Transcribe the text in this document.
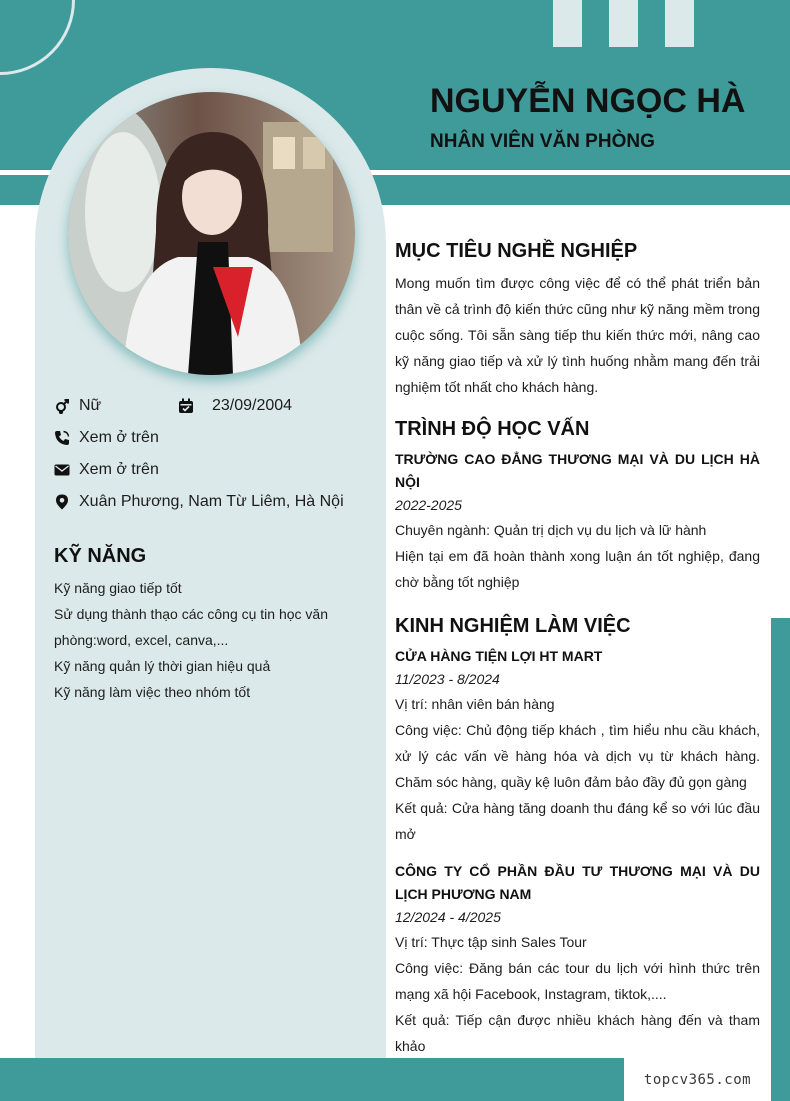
topcv365.com
Nữ	23/09/2004
Xem ở trên
Xem ở trên
Xuân Phương, Nam Từ Liêm, Hà Nội
KỸ NĂNG
Kỹ năng giao tiếp tốt
Sử dụng thành thạo các công cụ tin học văn phòng:word, excel, canva,...
Kỹ năng quản lý thời gian hiệu quả
Kỹ năng làm việc theo nhóm tốt
NGUYỄN NGỌC HÀ
NHÂN VIÊN VĂN PHÒNG
MỤC TIÊU NGHỀ NGHIỆP
Mong muốn tìm được công việc để có thể phát triển bản thân về cả trình độ kiến thức cũng như kỹ năng mềm trong cuộc sống. Tôi sẵn sàng tiếp thu kiến thức mới, nâng cao kỹ năng giao tiếp và xử lý tình huống nhằm mang đến trải nghiệm tốt nhất cho khách hàng.
TRÌNH ĐỘ HỌC VẤN
TRƯỜNG CAO ĐẲNG THƯƠNG MẠI VÀ DU LỊCH HÀ NỘI
2022-2025
Chuyên ngành: Quản trị dịch vụ du lịch và lữ hành
Hiện tại em đã hoàn thành xong luận án tốt nghiệp, đang chờ bằng tốt nghiệp
KINH NGHIỆM LÀM VIỆC
CỬA HÀNG TIỆN LỢI HT MART
11/2023 - 8/2024
Vị trí: nhân viên bán hàng
Công việc: Chủ động tiếp khách , tìm hiểu nhu cầu khách, xử lý các vấn về hàng hóa và dịch vụ từ khách hàng. Chăm sóc hàng, quầy kệ luôn đảm bảo đầy đủ gọn gàng
Kết quả: Cửa hàng tăng doanh thu đáng kể so với lúc đầu mở
CÔNG TY CỔ PHẦN ĐẦU TƯ THƯƠNG MẠI VÀ DU LỊCH PHƯƠNG NAM
12/2024 - 4/2025
Vị trí: Thực tập sinh Sales Tour
Công việc: Đăng bán các tour du lịch với hình thức trên mạng xã hội Facebook, Instagram, tiktok,....
Kết quả: Tiếp cận được nhiều khách hàng đến và tham khảo
